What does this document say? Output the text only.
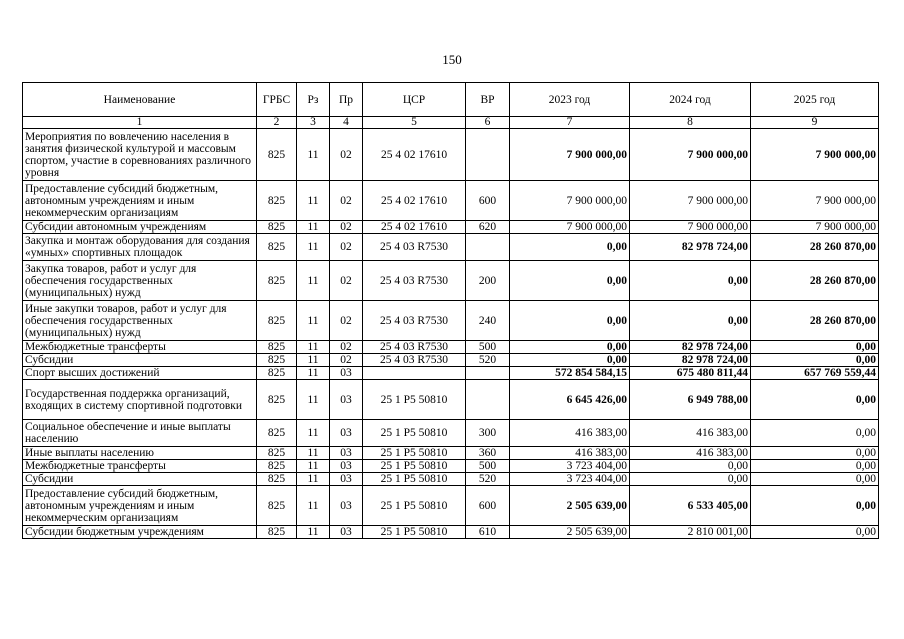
150
Наименование	ГРБС	Рз	Пр	ЦСР	ВР	2023 год	2024 год	2025 год
1	2	3	4	5	6	7	8	9
Мероприятия по вовлечению населения в занятия физической культурой и массовым спортом, участие в соревнованиях различного уровня	825	11	02	25 4 02 17610		7 900 000,00	7 900 000,00	7 900 000,00
Предоставление субсидий бюджетным, автономным учреждениям и иным некоммерческим организациям	825	11	02	25 4 02 17610	600	7 900 000,00	7 900 000,00	7 900 000,00
Субсидии автономным учреждениям	825	11	02	25 4 02 17610	620	7 900 000,00	7 900 000,00	7 900 000,00
Закупка и монтаж оборудования для создания «умных» спортивных площадок	825	11	02	25 4 03 R7530		0,00	82 978 724,00	28 260 870,00
Закупка товаров, работ и услуг для обеспечения государственных (муниципальных) нужд	825	11	02	25 4 03 R7530	200	0,00	0,00	28 260 870,00
Иные закупки товаров, работ и услуг для обеспечения государственных (муниципальных) нужд	825	11	02	25 4 03 R7530	240	0,00	0,00	28 260 870,00
Межбюджетные трансферты	825	11	02	25 4 03 R7530	500	0,00	82 978 724,00	0,00
Субсидии	825	11	02	25 4 03 R7530	520	0,00	82 978 724,00	0,00
Спорт высших достижений	825	11	03			572 854 584,15	675 480 811,44	657 769 559,44
Государственная поддержка организаций, входящих в систему спортивной подготовки	825	11	03	25 1 P5 50810		6 645 426,00	6 949 788,00	0,00
Социальное обеспечение и иные выплаты населению	825	11	03	25 1 P5 50810	300	416 383,00	416 383,00	0,00
Иные выплаты населению	825	11	03	25 1 P5 50810	360	416 383,00	416 383,00	0,00
Межбюджетные трансферты	825	11	03	25 1 P5 50810	500	3 723 404,00	0,00	0,00
Субсидии	825	11	03	25 1 P5 50810	520	3 723 404,00	0,00	0,00
Предоставление субсидий бюджетным, автономным учреждениям и иным некоммерческим организациям	825	11	03	25 1 P5 50810	600	2 505 639,00	6 533 405,00	0,00
Субсидии бюджетным учреждениям	825	11	03	25 1 P5 50810	610	2 505 639,00	2 810 001,00	0,00
